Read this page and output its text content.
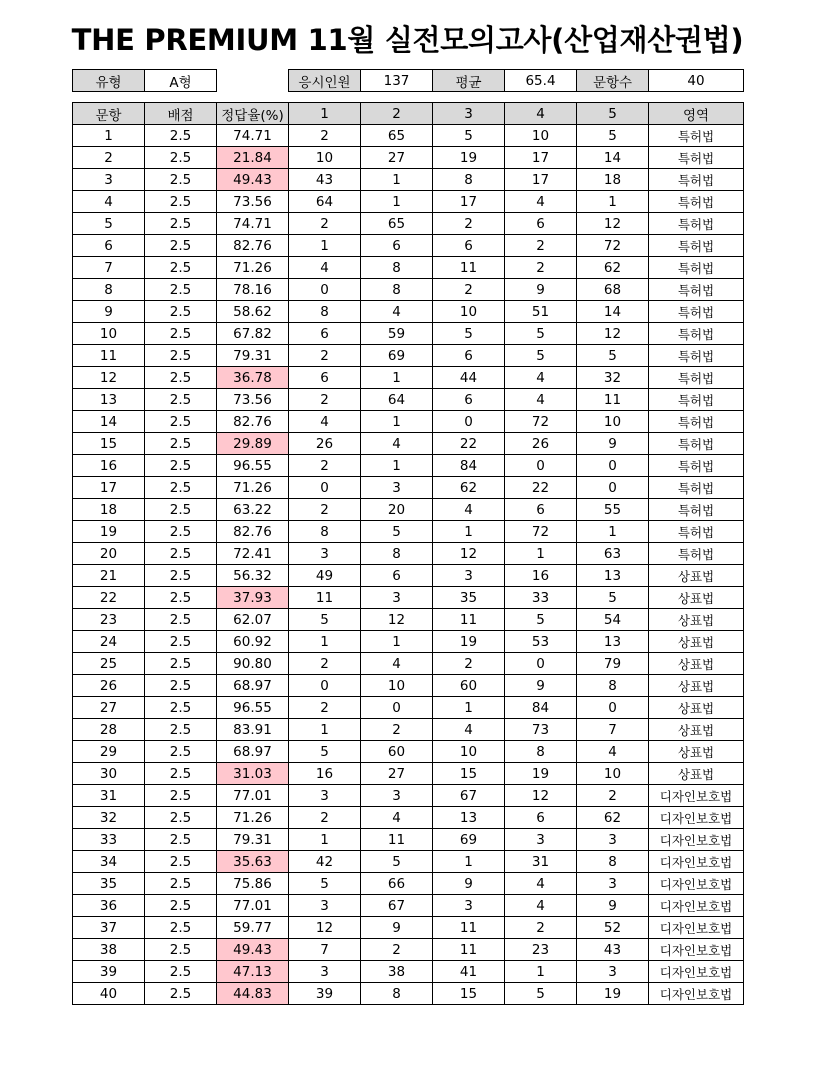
THE PREMIUM 11월 실전모의고사(산업재산권법)
유형	A형		응시인원	137	평균	65.4	문항수	40
문항	배점	정답율(%)	1	2	3	4	5	영역
1	2.5	74.71	2	65	5	10	5	특허법
2	2.5	21.84	10	27	19	17	14	특허법
3	2.5	49.43	43	1	8	17	18	특허법
4	2.5	73.56	64	1	17	4	1	특허법
5	2.5	74.71	2	65	2	6	12	특허법
6	2.5	82.76	1	6	6	2	72	특허법
7	2.5	71.26	4	8	11	2	62	특허법
8	2.5	78.16	0	8	2	9	68	특허법
9	2.5	58.62	8	4	10	51	14	특허법
10	2.5	67.82	6	59	5	5	12	특허법
11	2.5	79.31	2	69	6	5	5	특허법
12	2.5	36.78	6	1	44	4	32	특허법
13	2.5	73.56	2	64	6	4	11	특허법
14	2.5	82.76	4	1	0	72	10	특허법
15	2.5	29.89	26	4	22	26	9	특허법
16	2.5	96.55	2	1	84	0	0	특허법
17	2.5	71.26	0	3	62	22	0	특허법
18	2.5	63.22	2	20	4	6	55	특허법
19	2.5	82.76	8	5	1	72	1	특허법
20	2.5	72.41	3	8	12	1	63	특허법
21	2.5	56.32	49	6	3	16	13	상표법
22	2.5	37.93	11	3	35	33	5	상표법
23	2.5	62.07	5	12	11	5	54	상표법
24	2.5	60.92	1	1	19	53	13	상표법
25	2.5	90.80	2	4	2	0	79	상표법
26	2.5	68.97	0	10	60	9	8	상표법
27	2.5	96.55	2	0	1	84	0	상표법
28	2.5	83.91	1	2	4	73	7	상표법
29	2.5	68.97	5	60	10	8	4	상표법
30	2.5	31.03	16	27	15	19	10	상표법
31	2.5	77.01	3	3	67	12	2	디자인보호법
32	2.5	71.26	2	4	13	6	62	디자인보호법
33	2.5	79.31	1	11	69	3	3	디자인보호법
34	2.5	35.63	42	5	1	31	8	디자인보호법
35	2.5	75.86	5	66	9	4	3	디자인보호법
36	2.5	77.01	3	67	3	4	9	디자인보호법
37	2.5	59.77	12	9	11	2	52	디자인보호법
38	2.5	49.43	7	2	11	23	43	디자인보호법
39	2.5	47.13	3	38	41	1	3	디자인보호법
40	2.5	44.83	39	8	15	5	19	디자인보호법
